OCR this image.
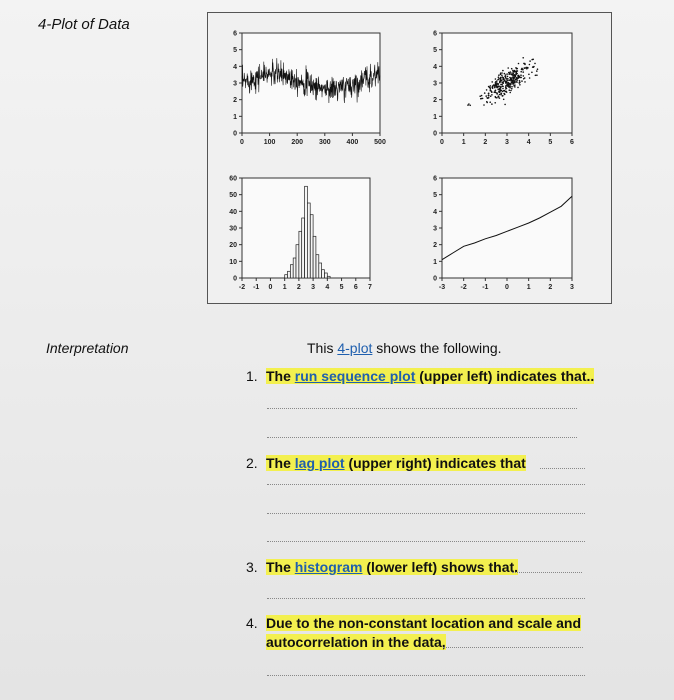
4-Plot of Data
0
1
2
3
4
5
6
0	100 200 300 400 500
0
1
2
3
4
5
6
0	1	2	3	4	5	6
0
10
20
30
40
50
60
-2 -1 0 1 2 3 4 5 6 7
0
1
2
3
4
5
6
-3 -2 -1 0	1	2	3
Interpretation	This 4-plot shows the following.
1. The run sequence plot (upper left) indicates that..
2. The lag plot (upper right) indicates that
3. The histogram (lower left) shows that.
4. Due to the non-constant location and scale and
autocorrelation in the data,
